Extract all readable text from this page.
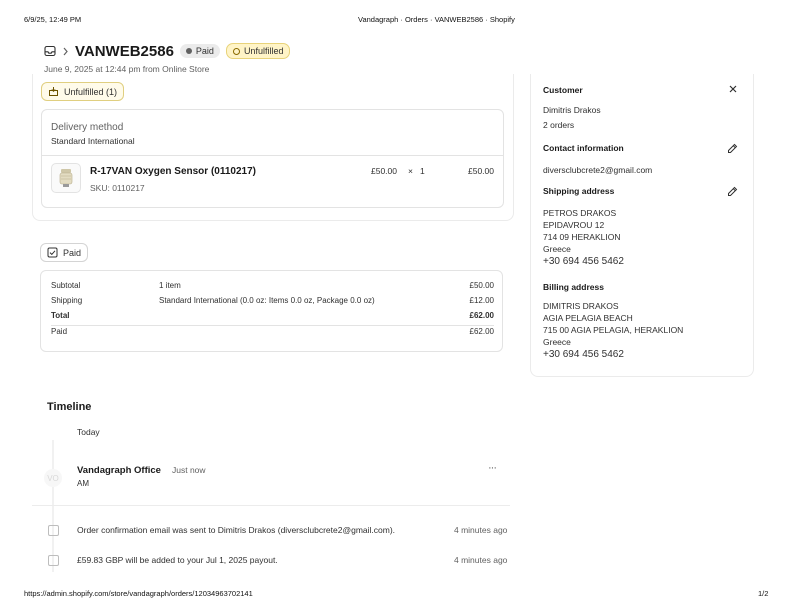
6/9/25, 12:49 PM	Vandagraph · Orders · VANWEB2586 · Shopify
VANWEB2586 Paid	Unfulfilled
June 9, 2025 at 12:44 pm from Online Store
Unfulfilled (1)
Delivery method
Standard International
R-17VAN Oxygen Sensor (0110217)
SKU: 0110217
£50.00 × 1	£50.00
Paid
Subtotal	1 item	£50.00
Shipping	Standard International (0.0 oz: Items 0.0 oz, Package 0.0 oz)	£12.00
Total	£62.00
Paid	£62.00
Customer
Dimitris Drakos
2 orders
Contact information
diversclubcrete2@gmail.com
Shipping address
PETROS DRAKOS
EPIDAVROU 12
714 09 HERAKLION
Greece
+30 694 456 5462
Billing address
DIMITRIS DRAKOS
AGIA PELAGIA BEACH
715 00 AGIA PELAGIA, HERAKLION
Greece
+30 694 456 5462
Timeline
Today
VO
Vandagraph Office Just now	···
AM
Order confirmation email was sent to Dimitris Drakos (diversclubcrete2@gmail.com).	4 minutes ago
£59.83 GBP will be added to your Jul 1, 2025 payout.	4 minutes ago
https://admin.shopify.com/store/vandagraph/orders/12034963702141	1/2
